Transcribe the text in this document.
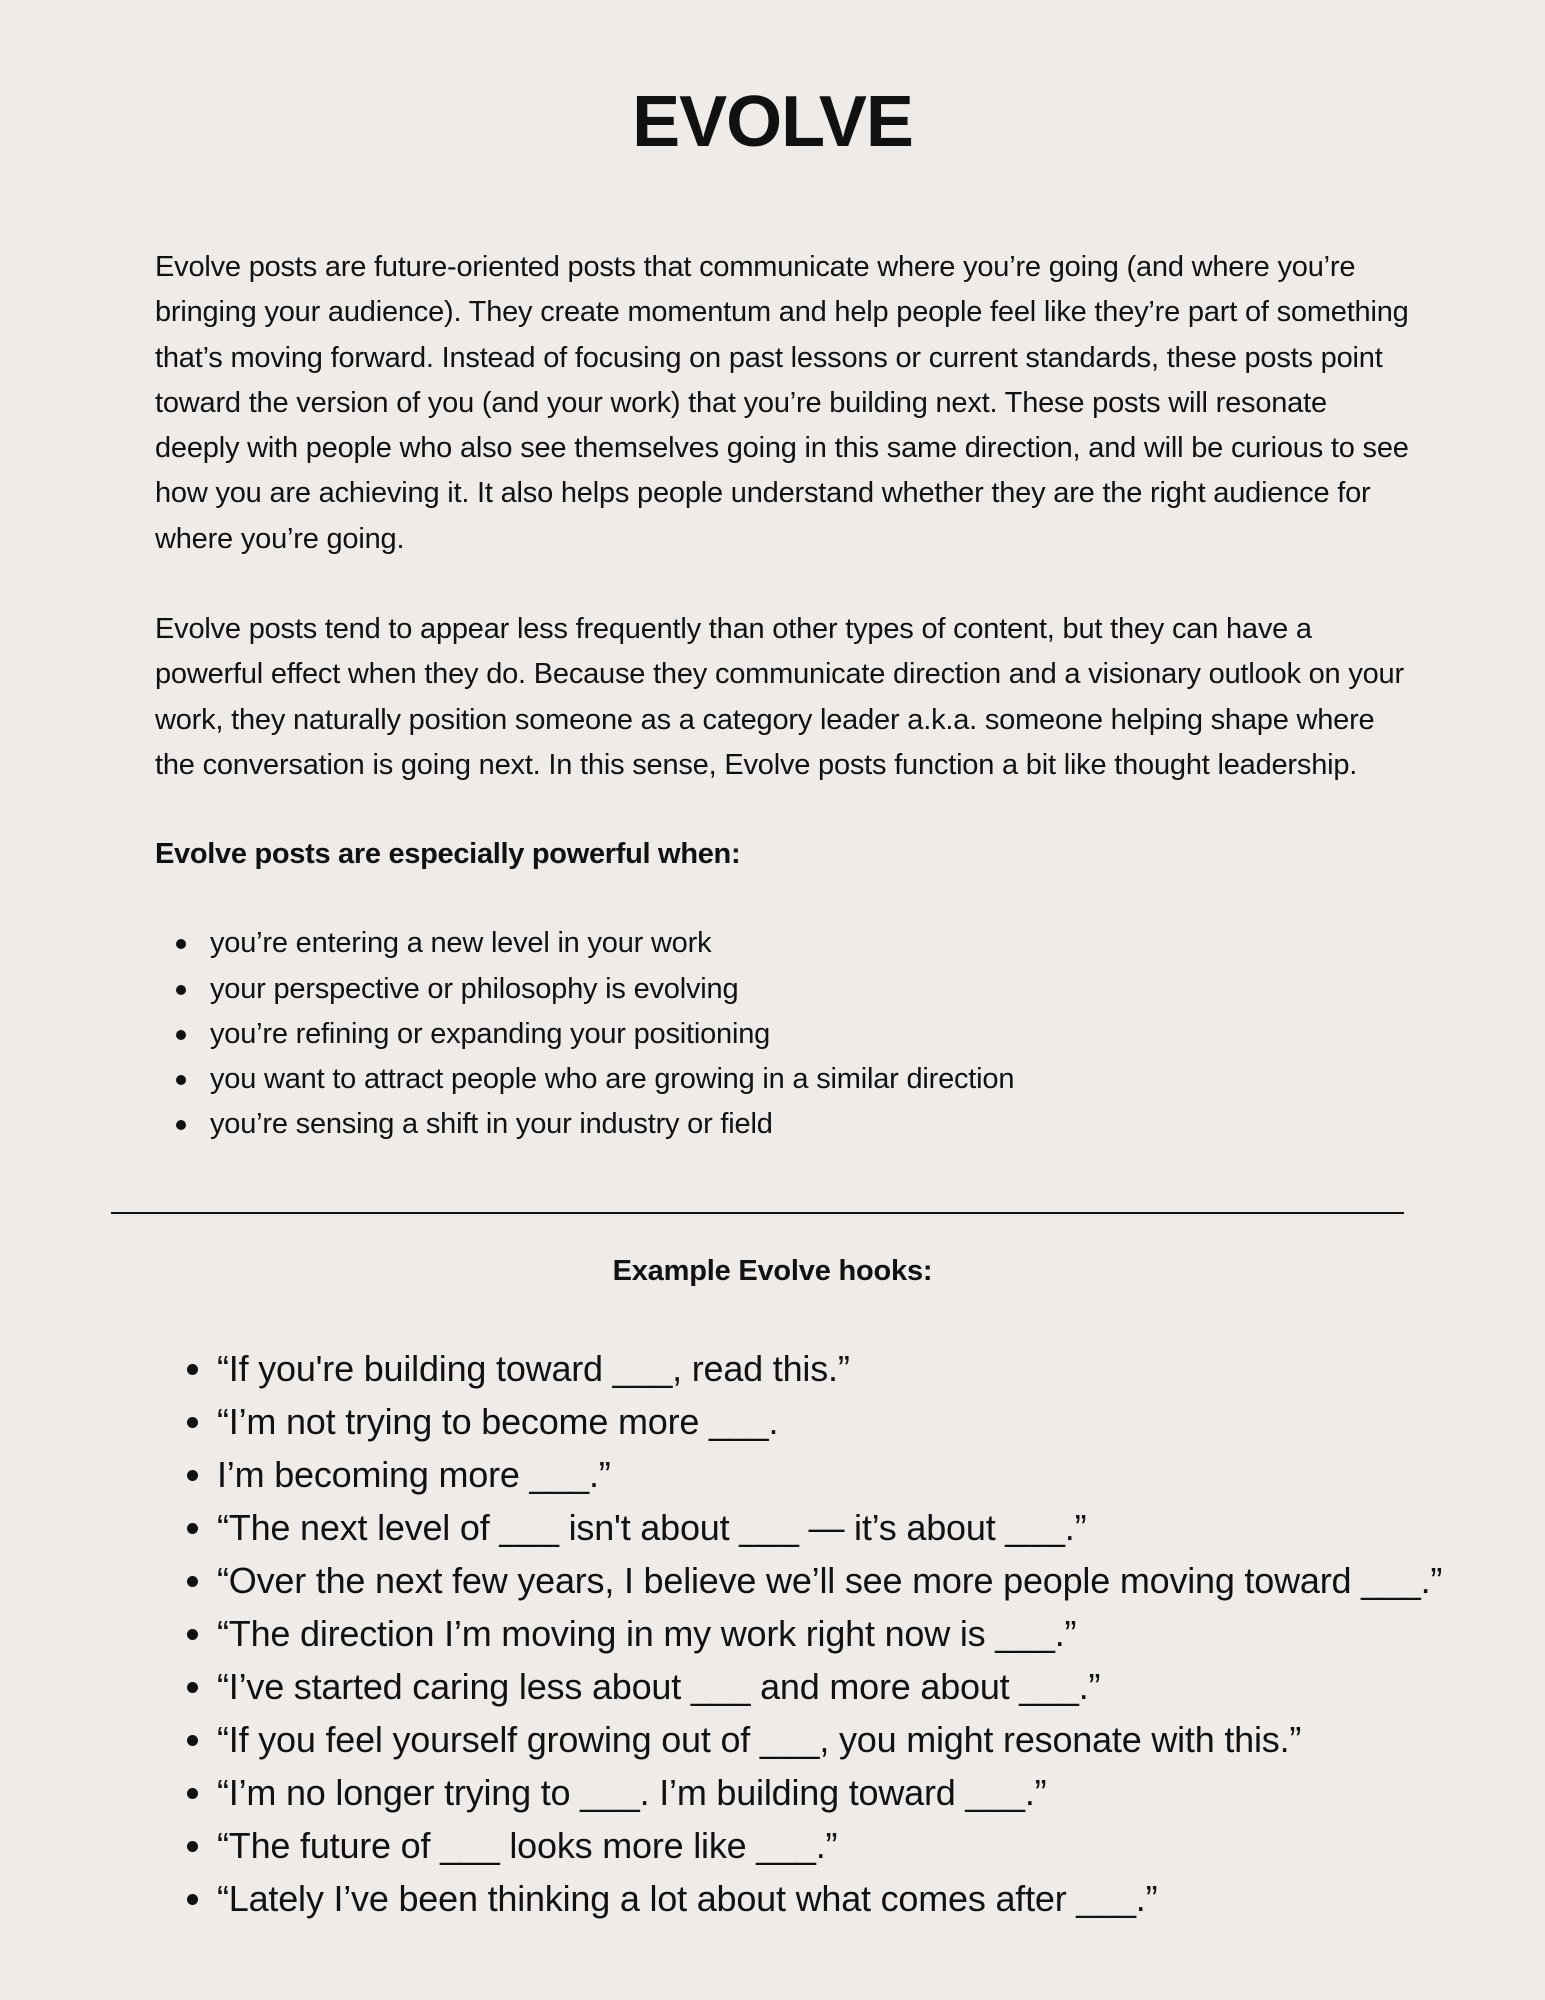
EVOLVE

Evolve posts are future-oriented posts that communicate where you’re going (and where you’re bringing your audience). They create momentum and help people feel like they’re part of something that’s moving forward. Instead of focusing on past lessons or current standards, these posts point toward the version of you (and your work) that you’re building next. These posts will resonate deeply with people who also see themselves going in this same direction, and will be curious to see how you are achieving it. It also helps people understand whether they are the right audience for where you’re going.

Evolve posts tend to appear less frequently than other types of content, but they can have a powerful effect when they do. Because they communicate direction and a visionary outlook on your work, they naturally position someone as a category leader a.k.a. someone helping shape where the conversation is going next. In this sense, Evolve posts function a bit like thought leadership.

Evolve posts are especially powerful when:
you’re entering a new level in your work
your perspective or philosophy is evolving
you’re refining or expanding your positioning
you want to attract people who are growing in a similar direction
you’re sensing a shift in your industry or field
Example Evolve hooks:
“If you're building toward ___, read this.”
“I’m not trying to become more ___.
I’m becoming more ___.”
“The next level of ___ isn't about ___ — it’s about ___.”
“Over the next few years, I believe we’ll see more people moving toward ___.”
“The direction I’m moving in my work right now is ___.”
“I’ve started caring less about ___ and more about ___.”
“If you feel yourself growing out of ___, you might resonate with this.”
“I’m no longer trying to ___. I’m building toward ___.”
“The future of ___ looks more like ___.”
“Lately I’ve been thinking a lot about what comes after ___.”
